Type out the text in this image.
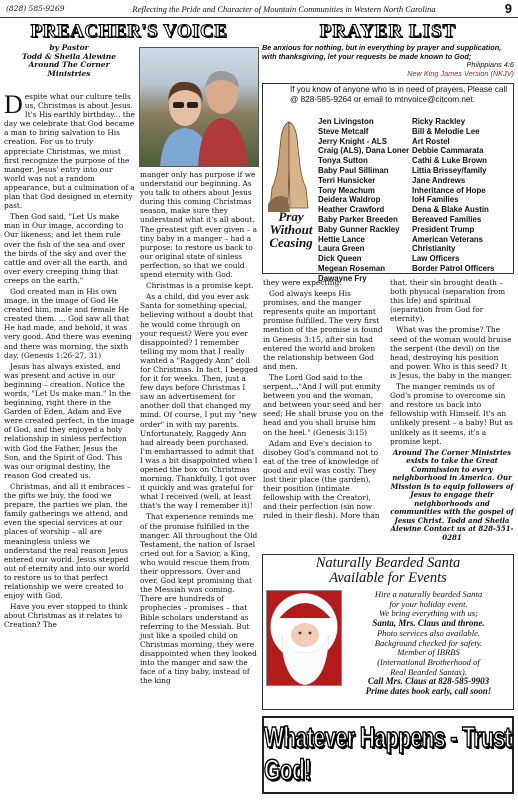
(828) 585-9269	Reflecting the Pride and Character of Mountain Communities in Western North Carolina	9
PREACHER'S VOICE
by Pastor
Todd & Sheila Alewine
Around The Corner
Ministries

Despite what our culture tells us, Christmas is about Jesus. It's His earthly birthday... the day we celebrate that God became a man to bring salvation to His creation. For us to truly appreciate Christmas, we must first recognize the purpose of the manger. Jesus' entry into our world was not a random appearance, but a culmination of a plan that God designed in eternity past.

Then God said, "Let Us make man in Our image, according to Our likeness; and let them rule over the fish of the sea and over the birds of the sky and over the cattle and over all the earth, and over every creeping thing that creeps on the earth."

God created man in His own image, in the image of God He created him, male and female He created them. ... God saw all that He had made, and behold, it was very good. And there was evening and there was morning, the sixth day. (Genesis 1:26-27, 31)

Jesus has always existed, and was present and active in our beginning – creation. Notice the words, "Let Us make man." In the beginning, right there in the Garden of Eden, Adam and Eve were created perfect, in the image of God, and they enjoyed a holy relationship in sinless perfection with God the Father, Jesus the Son, and the Spirit of God. This was our original destiny, the reason God created us.

Christmas, and all it embraces – the gifts we buy, the food we prepare, the parties we plan, the family gatherings we attend, and even the special services at our places of worship – all are meaningless unless we understand the real reason Jesus entered our world. Jesus stepped out of eternity and into our world to restore us to that perfect relationship we were created to enjoy with God.

Have you ever stopped to think about Christmas as it relates to Creation? The

manger only has purpose if we understand our beginning. As you talk to others about Jesus during this coming Christmas season, make sure they understand what it's all about. The greatest gift ever given – a tiny baby in a manger – had a purpose: to restore us back to our original state of sinless perfection, so that we could spend eternity with God.

Christmas is a promise kept.

As a child, did you ever ask Santa for something special, believing without a doubt that he would come through on your request? Were you ever disappointed? I remember telling my mom that I really wanted a "Raggedy Ann" doll for Christmas. In fact, I begged for it for weeks. Then, just a few days before Christmas I saw an advertisement for another doll that changed my mind. Of course, I put my "new order" in with my parents. Unfortunately, Raggedy Ann had already been purchased. I'm embarrassed to admit that I was a bit disappointed when I opened the box on Christmas morning. Thankfully, I got over it quickly and was grateful for what I received (well, at least that's the way I remember it)!

That experience reminds me of the promise fulfilled in the manger. All throughout the Old Testament, the nation of Israel cried out for a Savior, a King, who would rescue them from their oppressors. Over and over, God kept promising that the Messiah was coming. There are hundreds of prophecies – promises – that Bible scholars understand as referring to the Messiah. But just like a spoiled child on Christmas morning, they were disappointed when they looked into the manger and saw the face of a tiny baby, instead of the king

they were expecting.

God always keeps His promises, and the manger represents quite an important promise fulfilled. The very first mention of the promise is found in Genesis 3:15, after sin had entered the world and broken the relationship between God and men.

The Lord God said to the serpent..."And I will put enmity between you and the woman, and between your seed and her seed; He shall bruise you on the head and you shall bruise him on the heel." (Genesis 3:15)

Adam and Eve's decision to disobey God's command not to eat of the tree of knowledge of good and evil was costly. They lost their place (the garden), their position (intimate fellowship with the Creator), and their perfection (sin now ruled in their flesh). More than

that, their sin brought death – both physical (separation from this life) and spiritual (separation from God for eternity).

What was the promise? The seed of the woman would bruise the serpent (the devil) on the head, destroying his position and power. Who is this seed? It is Jesus, the baby in the manger.

The manger reminds us of God's promise to overcome sin and restore us back into fellowship with Himself. It's an unlikely present – a baby! But as unlikely as it seems, it's a promise kept.

Around The Corner Ministries exists to take the Great Commission to every neighborhood in America. Our Mission is to equip followers of Jesus to engage their neighborhoods and communities with the gospel of Jesus Christ. Todd and Sheila Alewine Contact us at 828-551-0281
PRAYER LIST
Be anxious for nothing, but in everything by prayer and supplication, with thanksgiving, let your requests be made known to God;
Philippians 4:6
New King James Version (NKJV)
If you know of anyone who is in need of prayers, Please call @ 828-585-9264 or email to mtnvoice@citcom.net.
Pray Without
Ceasing
Jen Livingston
Steve Metcalf
Jerry Knight - ALS
Craig (ALS), Dana Loner
Tonya Sutton
Baby Paul Silliman
Terri Hunsicker
Tony Meachum
Deidera Waldrop
Heather Crawford
Baby Parker Breeden
Baby Gunner Rackley
Hettie Lance
Laura Green
Dick Queen
Megean Roseman
Dawayne Fry
Ricky Rackley
Bill & Melodie Lee
Art Rostel
Debbie Cammarata
Cathi & Luke Brown
Littia Brissey/family
Jane Andrews
Inheritance of Hope
IoH Families
Dena & Blake Austin
Bereaved Families
President Trump
American Veterans
Christianity
Law Officers
Border Patrol Officers
Naturally Bearded Santa
Available for Events
Hire a naturally bearded Santa
for your holiday event.
We bring everything with us;
Santa, Mrs. Claus and throne.
Photo services also available.
Background checked for safety.
Member of IBRBS
(International Brotherhood of
Real Bearded Santas).
Call Mrs. Claus at 828-585-9903
Prime dates book early, call soon!
Whatever Happens - Trust God!
